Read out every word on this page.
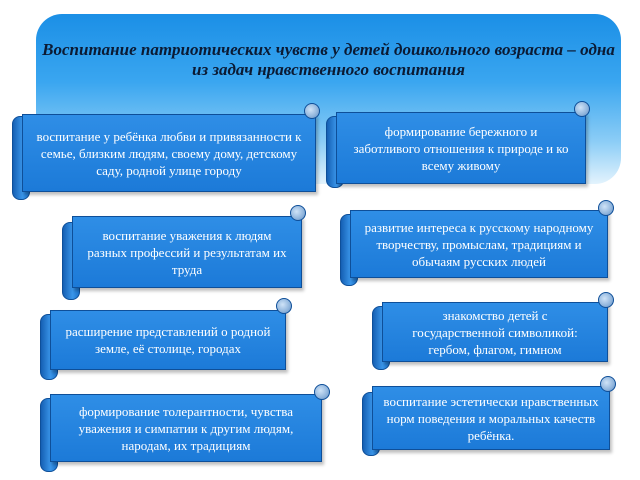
Воспитание патриотических чувств у детей дошкольного возраста – одна из задач нравственного воспитания
воспитание у ребёнка любви и привязанности к семье, близким людям, своему дому, детскому саду, родной улице городу
формирование бережного и заботливого отношения к природе и ко всему живому
воспитание уважения к людям разных профессий и результатам их труда
развитие интереса к русскому народному творчеству, промыслам, традициям и обычаям русских людей
расширение представлений о родной земле, её столице, городах
знакомство детей с государственной символикой: гербом, флагом, гимном
формирование толерантности, чувства уважения и симпатии к другим людям, народам, их традициям
воспитание эстетически нравственных норм поведения и моральных качеств ребёнка.
